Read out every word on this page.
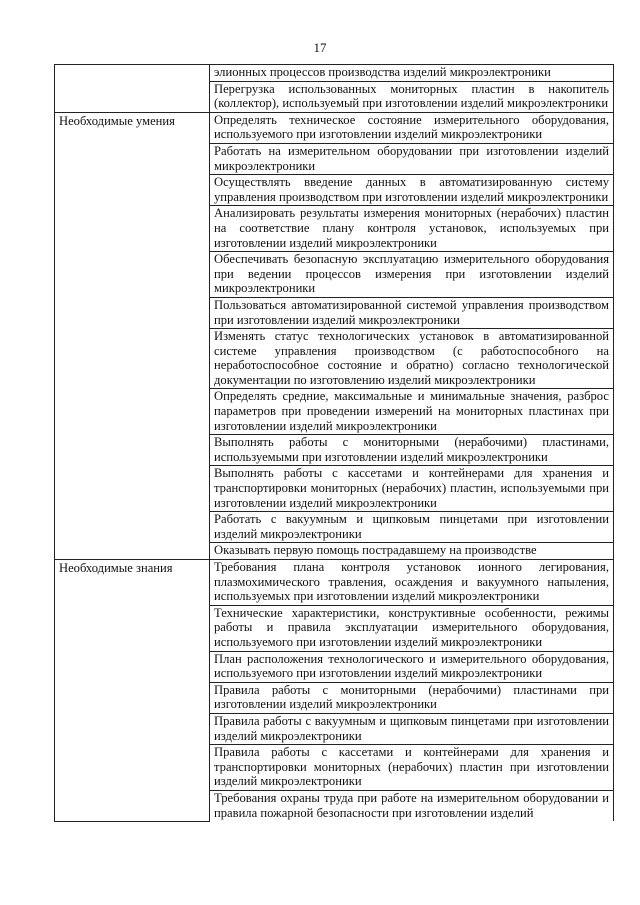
17
	элионных процессов производства изделий микроэлектроники
	Перегрузка использованных мониторных пластин в накопитель (коллектор), используемый при изготовлении изделий микроэлектроники
Необходимые умения	Определять техническое состояние измерительного оборудования, используемого при изготовлении изделий микроэлектроники
	Работать на измерительном оборудовании при изготовлении изделий микроэлектроники
	Осуществлять введение данных в автоматизированную систему управления производством при изготовлении изделий микроэлектроники
	Анализировать результаты измерения мониторных (нерабочих) пластин на соответствие плану контроля установок, используемых при изготовлении изделий микроэлектроники
	Обеспечивать безопасную эксплуатацию измерительного оборудования при ведении процессов измерения при изготовлении изделий микроэлектроники
	Пользоваться автоматизированной системой управления производством при изготовлении изделий микроэлектроники
	Изменять статус технологических установок в автоматизированной системе управления производством (с работоспособного на неработоспособное состояние и обратно) согласно технологической документации по изготовлению изделий микроэлектроники
	Определять средние, максимальные и минимальные значения, разброс параметров при проведении измерений на мониторных пластинах при изготовлении изделий микроэлектроники
	Выполнять работы с мониторными (нерабочими) пластинами, используемыми при изготовлении изделий микроэлектроники
	Выполнять работы с кассетами и контейнерами для хранения и транспортировки мониторных (нерабочих) пластин, используемыми при изготовлении изделий микроэлектроники
	Работать с вакуумным и щипковым пинцетами при изготовлении изделий микроэлектроники
	Оказывать первую помощь пострадавшему на производстве
Необходимые знания	Требования плана контроля установок ионного легирования, плазмохимического травления, осаждения и вакуумного напыления, используемых при изготовлении изделий микроэлектроники
	Технические характеристики, конструктивные особенности, режимы работы и правила эксплуатации измерительного оборудования, используемого при изготовлении изделий микроэлектроники
	План расположения технологического и измерительного оборудования, используемого при изготовлении изделий микроэлектроники
	Правила работы с мониторными (нерабочими) пластинами при изготовлении изделий микроэлектроники
	Правила работы с вакуумным и щипковым пинцетами при изготовлении изделий микроэлектроники
	Правила работы с кассетами и контейнерами для хранения и транспортировки мониторных (нерабочих) пластин при изготовлении изделий микроэлектроники
	Требования охраны труда при работе на измерительном оборудовании и правила пожарной безопасности при изготовлении изделий
